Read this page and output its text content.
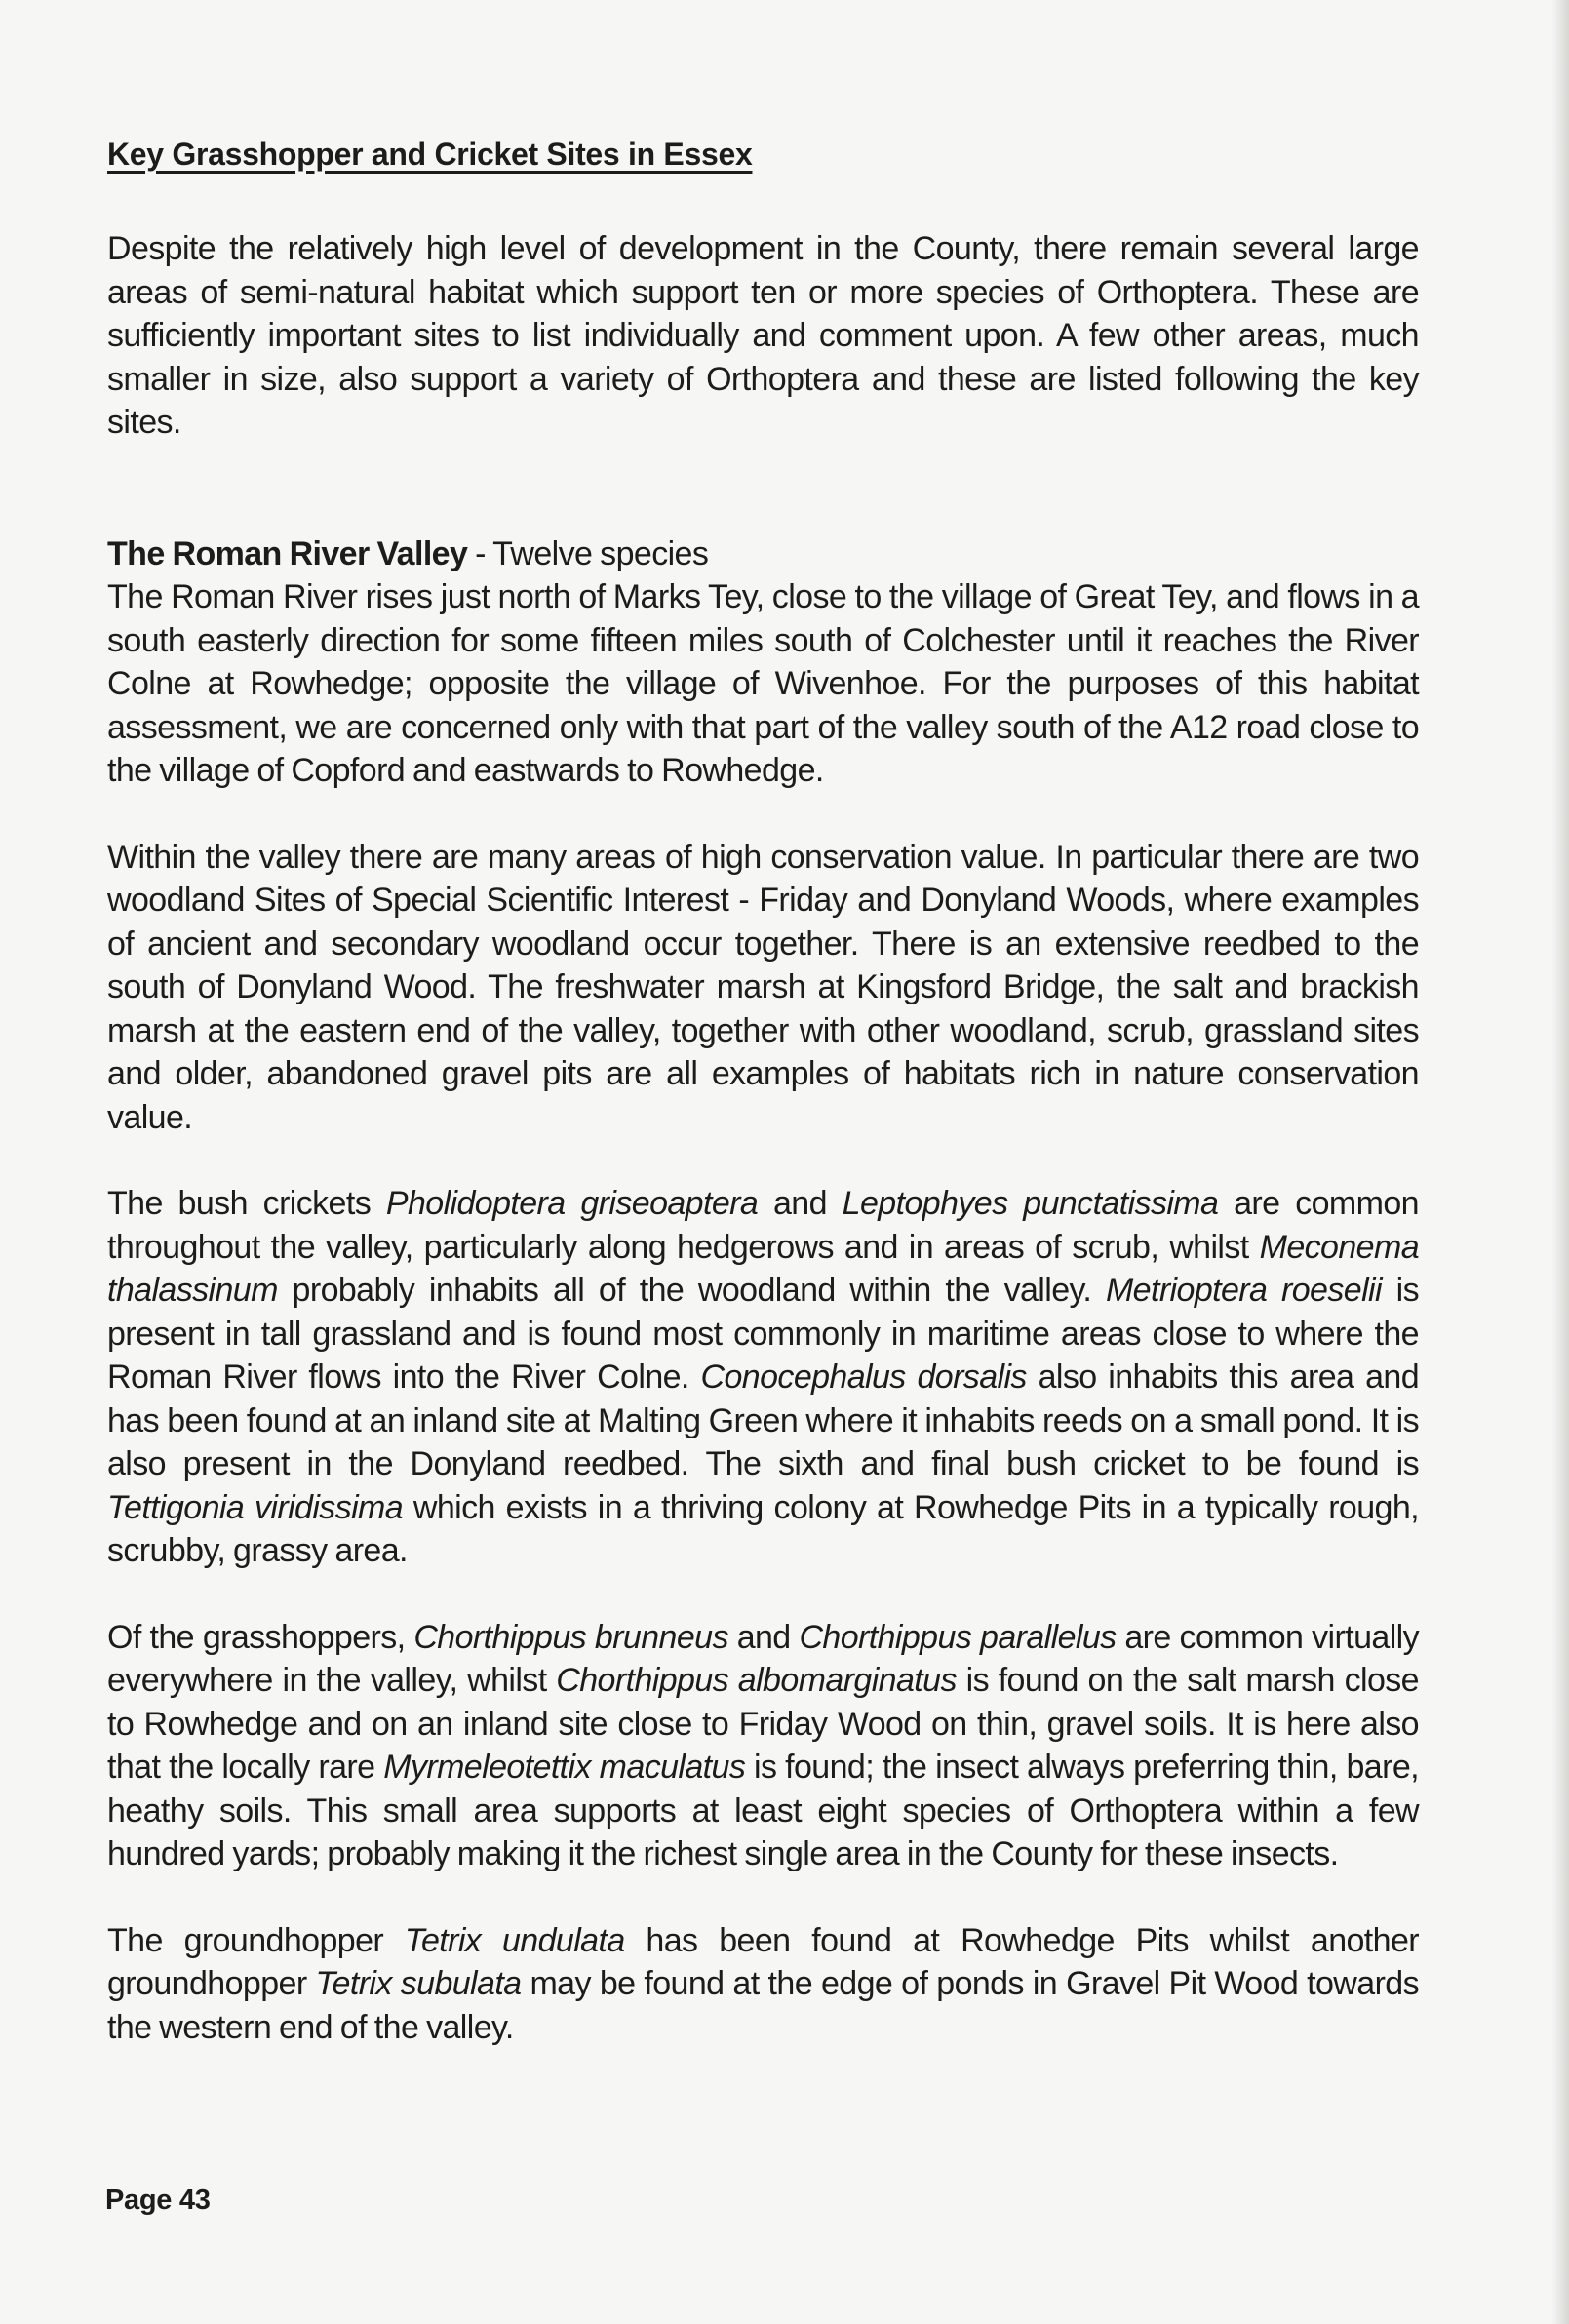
Key Grasshopper and Cricket Sites in Essex

Despite the relatively high level of development in the County, there remain several large areas of semi-natural habitat which support ten or more species of Orthoptera. These are sufficiently important sites to list individually and comment upon. A few other areas, much smaller in size, also support a variety of Orthoptera and these are listed following the key sites.

The Roman River Valley - Twelve species

The Roman River rises just north of Marks Tey, close to the village of Great Tey, and flows in a south easterly direction for some fifteen miles south of Colchester until it reaches the River Colne at Rowhedge; opposite the village of Wivenhoe. For the purposes of this habitat assessment, we are concerned only with that part of the valley south of the A12 road close to the village of Copford and eastwards to Rowhedge.

Within the valley there are many areas of high conservation value. In particular there are two woodland Sites of Special Scientific Interest - Friday and Donyland Woods, where examples of ancient and secondary woodland occur together. There is an extensive reedbed to the south of Donyland Wood. The freshwater marsh at Kingsford Bridge, the salt and brackish marsh at the eastern end of the valley, together with other woodland, scrub, grassland sites and older, abandoned gravel pits are all examples of habitats rich in nature conservation value.

The bush crickets Pholidoptera griseoaptera and Leptophyes punctatissima are common throughout the valley, particularly along hedgerows and in areas of scrub, whilst Meconema thalassinum probably inhabits all of the woodland within the valley. Metrioptera roeselii is present in tall grassland and is found most commonly in maritime areas close to where the Roman River flows into the River Colne. Conocephalus dorsalis also inhabits this area and has been found at an inland site at Malting Green where it inhabits reeds on a small pond. It is also present in the Donyland reedbed. The sixth and final bush cricket to be found is Tettigonia viridissima which exists in a thriving colony at Rowhedge Pits in a typically rough, scrubby, grassy area.

Of the grasshoppers, Chorthippus brunneus and Chorthippus parallelus are common virtually everywhere in the valley, whilst Chorthippus albomarginatus is found on the salt marsh close to Rowhedge and on an inland site close to Friday Wood on thin, gravel soils. It is here also that the locally rare Myrmeleotettix maculatus is found; the insect always preferring thin, bare, heathy soils. This small area supports at least eight species of Orthoptera within a few hundred yards; probably making it the richest single area in the County for these insects.

The groundhopper Tetrix undulata has been found at Rowhedge Pits whilst another groundhopper Tetrix subulata may be found at the edge of ponds in Gravel Pit Wood towards the western end of the valley.

Page 43
